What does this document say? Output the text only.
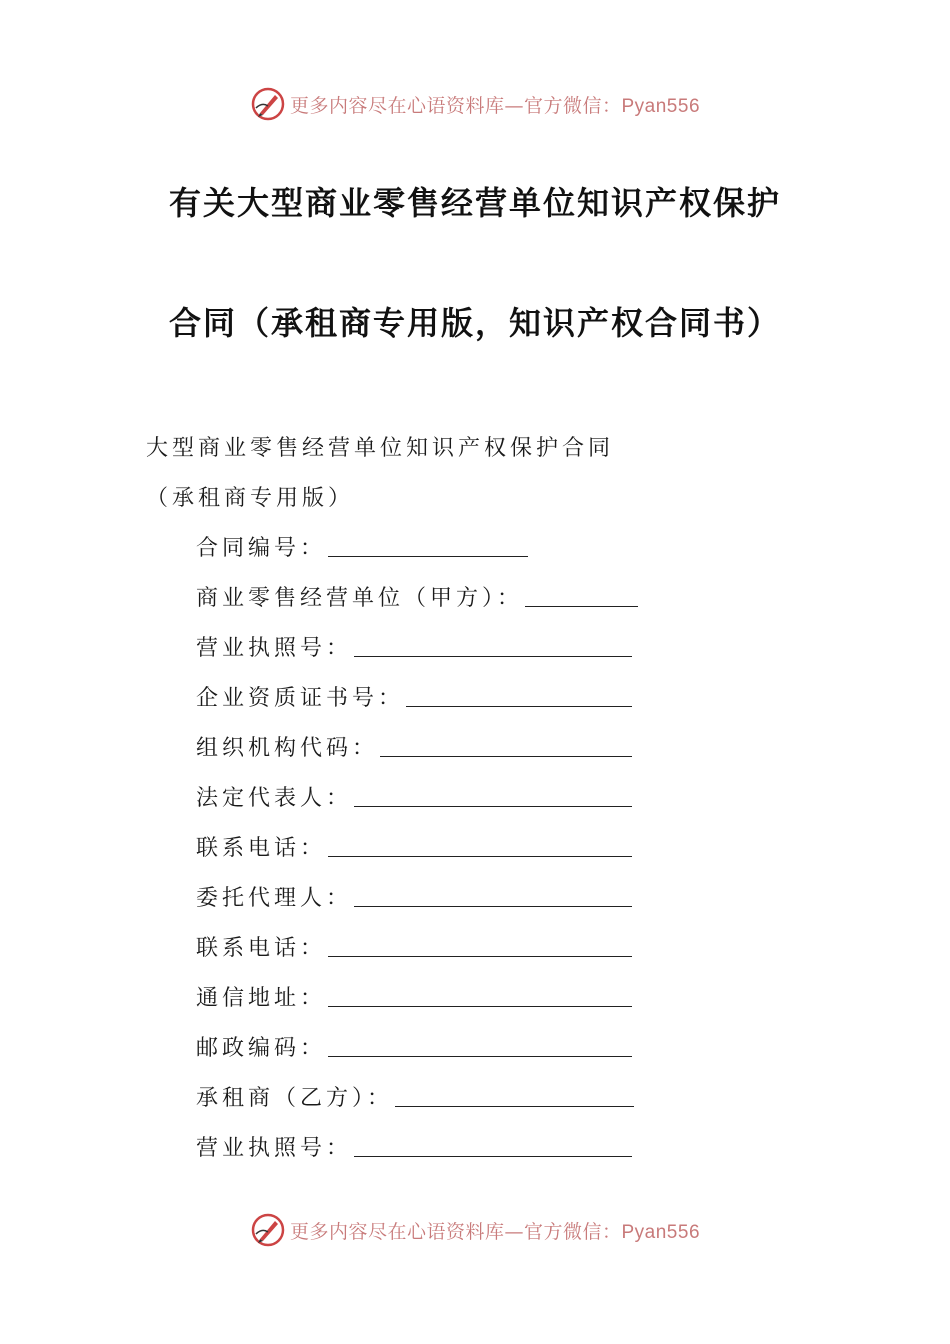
更多内容尽在心语资料库—官方微信：Pyan556
有关大型商业零售经营单位知识产权保护
合同（承租商专用版，知识产权合同书）
大型商业零售经营单位知识产权保护合同
（承租商专用版）
合同编号：
商业零售经营单位（甲方）：
营业执照号：
企业资质证书号：
组织机构代码：
法定代表人：
联系电话：
委托代理人：
联系电话：
通信地址：
邮政编码：
承租商（乙方）：
营业执照号：
更多内容尽在心语资料库—官方微信：Pyan556
